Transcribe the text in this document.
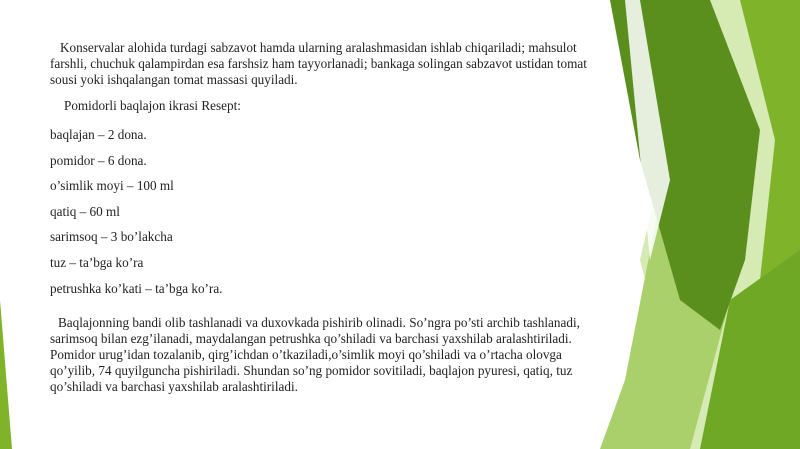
Konservalar alohida turdagi sabzavot hamda ularning aralashmasidan ishlab chiqariladi; mahsulot farshli, chuchuk qalampirdan esa farshsiz ham tayyorlanadi; bankaga solingan sabzavot ustidan tomat sousi yoki ishqalangan tomat massasi quyiladi.

Pomidorli baqlajon ikrasi Resept:

baqlajan – 2 dona.
pomidor – 6 dona.
o’simlik moyi – 100 ml
qatiq – 60 ml
sarimsoq – 3 bo’lakcha
tuz – ta’bga ko’ra
petrushka ko’kati – ta’bga ko’ra.

Baqlajonning bandi olib tashlanadi va duxovkada pishirib olinadi. So’ngra po’sti archib tashlanadi, sarimsoq bilan ezg’ilanadi, maydalangan petrushka qo’shiladi va barchasi yaxshilab aralashtiriladi. Pomidor urug’idan tozalanib, qirg’ichdan o’tkaziladi,o’simlik moyi qo’shiladi va o’rtacha olovga qo’yilib, 74 quyilguncha pishiriladi. Shundan so’ng pomidor sovitiladi, baqlajon pyuresi, qatiq, tuz qo’shiladi va barchasi yaxshilab aralashtiriladi.
